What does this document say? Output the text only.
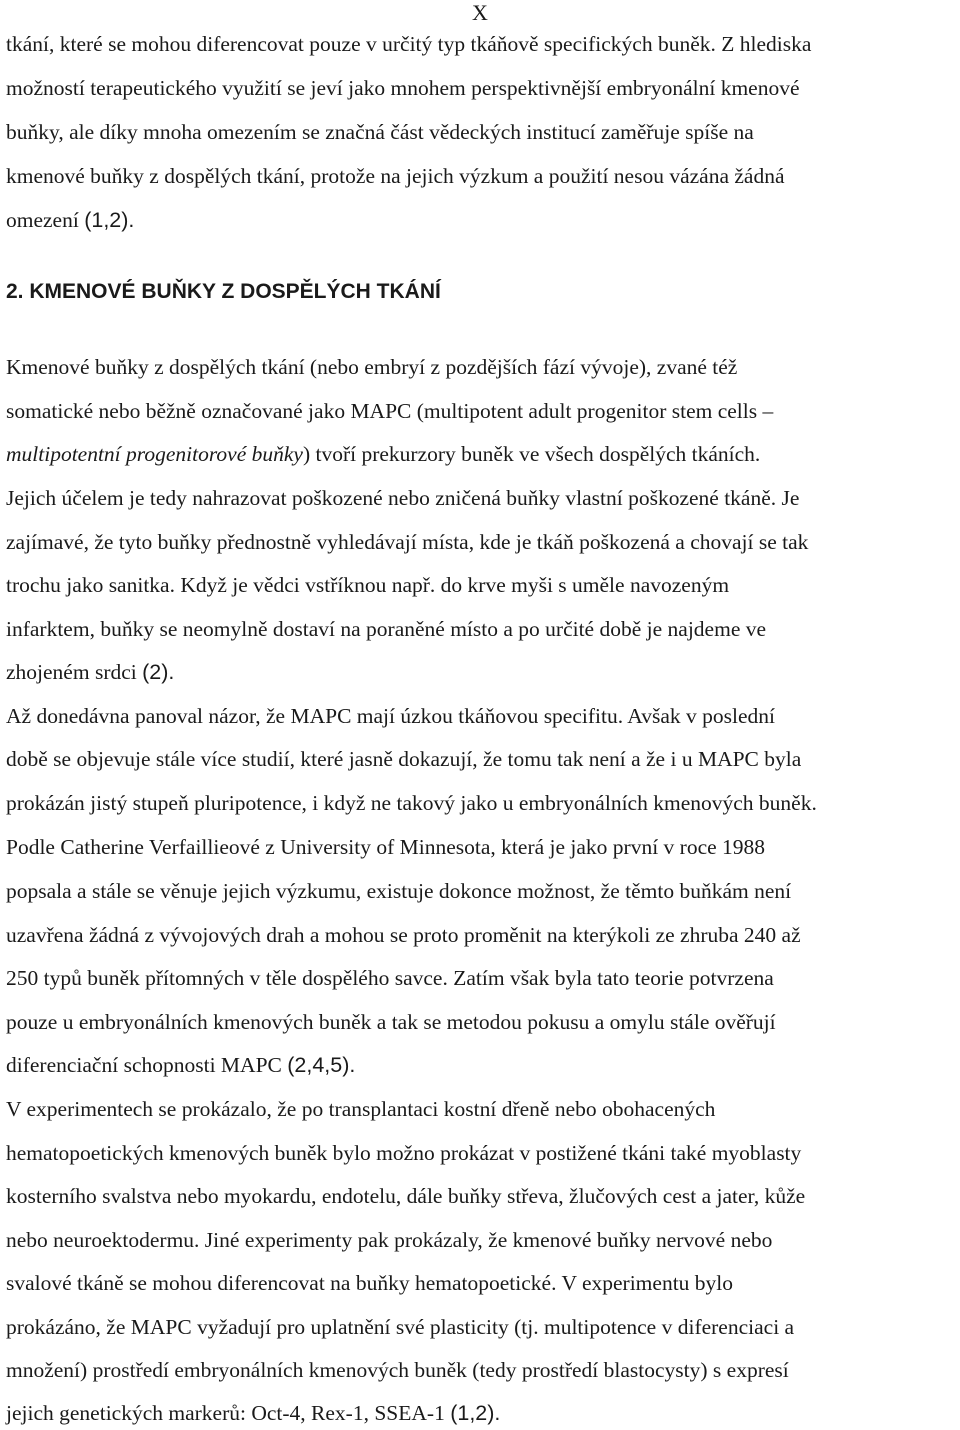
X
tkání, které se mohou diferencovat pouze v určitý typ tkáňově specifických buněk. Z hlediska
možností terapeutického využití se jeví jako mnohem perspektivnější embryonální kmenové
buňky, ale díky mnoha omezením se značná část vědeckých institucí zaměřuje spíše na
kmenové buňky z dospělých tkání, protože na jejich výzkum a použití nesou vázána žádná
omezení (1,2).
2. KMENOVÉ BUŇKY Z DOSPĚLÝCH TKÁNÍ
Kmenové buňky z dospělých tkání (nebo embryí z pozdějších fází vývoje), zvané též
somatické nebo běžně označované jako MAPC (multipotent adult progenitor stem cells –
multipotentní progenitorové buňky) tvoří prekurzory buněk ve všech dospělých tkáních.
Jejich účelem je tedy nahrazovat poškozené nebo zničená buňky vlastní poškozené tkáně. Je
zajímavé, že tyto buňky přednostně vyhledávají místa, kde je tkáň poškozená a chovají se tak
trochu jako sanitka. Když je vědci vstříknou např. do krve myši s uměle navozeným
infarktem, buňky se neomylně dostaví na poraněné místo a po určité době je najdeme ve
zhojeném srdci (2).
Až donedávna panoval názor, že MAPC mají úzkou tkáňovou specifitu. Avšak v poslední
době se objevuje stále více studií, které jasně dokazují, že tomu tak není a že i u MAPC byla
prokázán jistý stupeň pluripotence, i když ne takový jako u embryonálních kmenových buněk.
Podle Catherine Verfaillieové z University of Minnesota, která je jako první v roce 1988
popsala a stále se věnuje jejich výzkumu, existuje dokonce možnost, že těmto buňkám není
uzavřena žádná z vývojových drah a mohou se proto proměnit na kterýkoli ze zhruba 240 až
250 typů buněk přítomných v těle dospělého savce. Zatím však byla tato teorie potvrzena
pouze u embryonálních kmenových buněk a tak se metodou pokusu a omylu stále ověřují
diferenciační schopnosti MAPC (2,4,5).
V experimentech se prokázalo, že po transplantaci kostní dřeně nebo obohacených
hematopoetických kmenových buněk bylo možno prokázat v postižené tkáni také myoblasty
kosterního svalstva nebo myokardu, endotelu, dále buňky střeva, žlučových cest a jater, kůže
nebo neuroektodermu. Jiné experimenty pak prokázaly, že kmenové buňky nervové nebo
svalové tkáně se mohou diferencovat na buňky hematopoetické. V experimentu bylo
prokázáno, že MAPC vyžadují pro uplatnění své plasticity (tj. multipotence v diferenciaci a
množení) prostředí embryonálních kmenových buněk (tedy prostředí blastocysty) s expresí
jejich genetických markerů: Oct-4, Rex-1, SSEA-1 (1,2).
